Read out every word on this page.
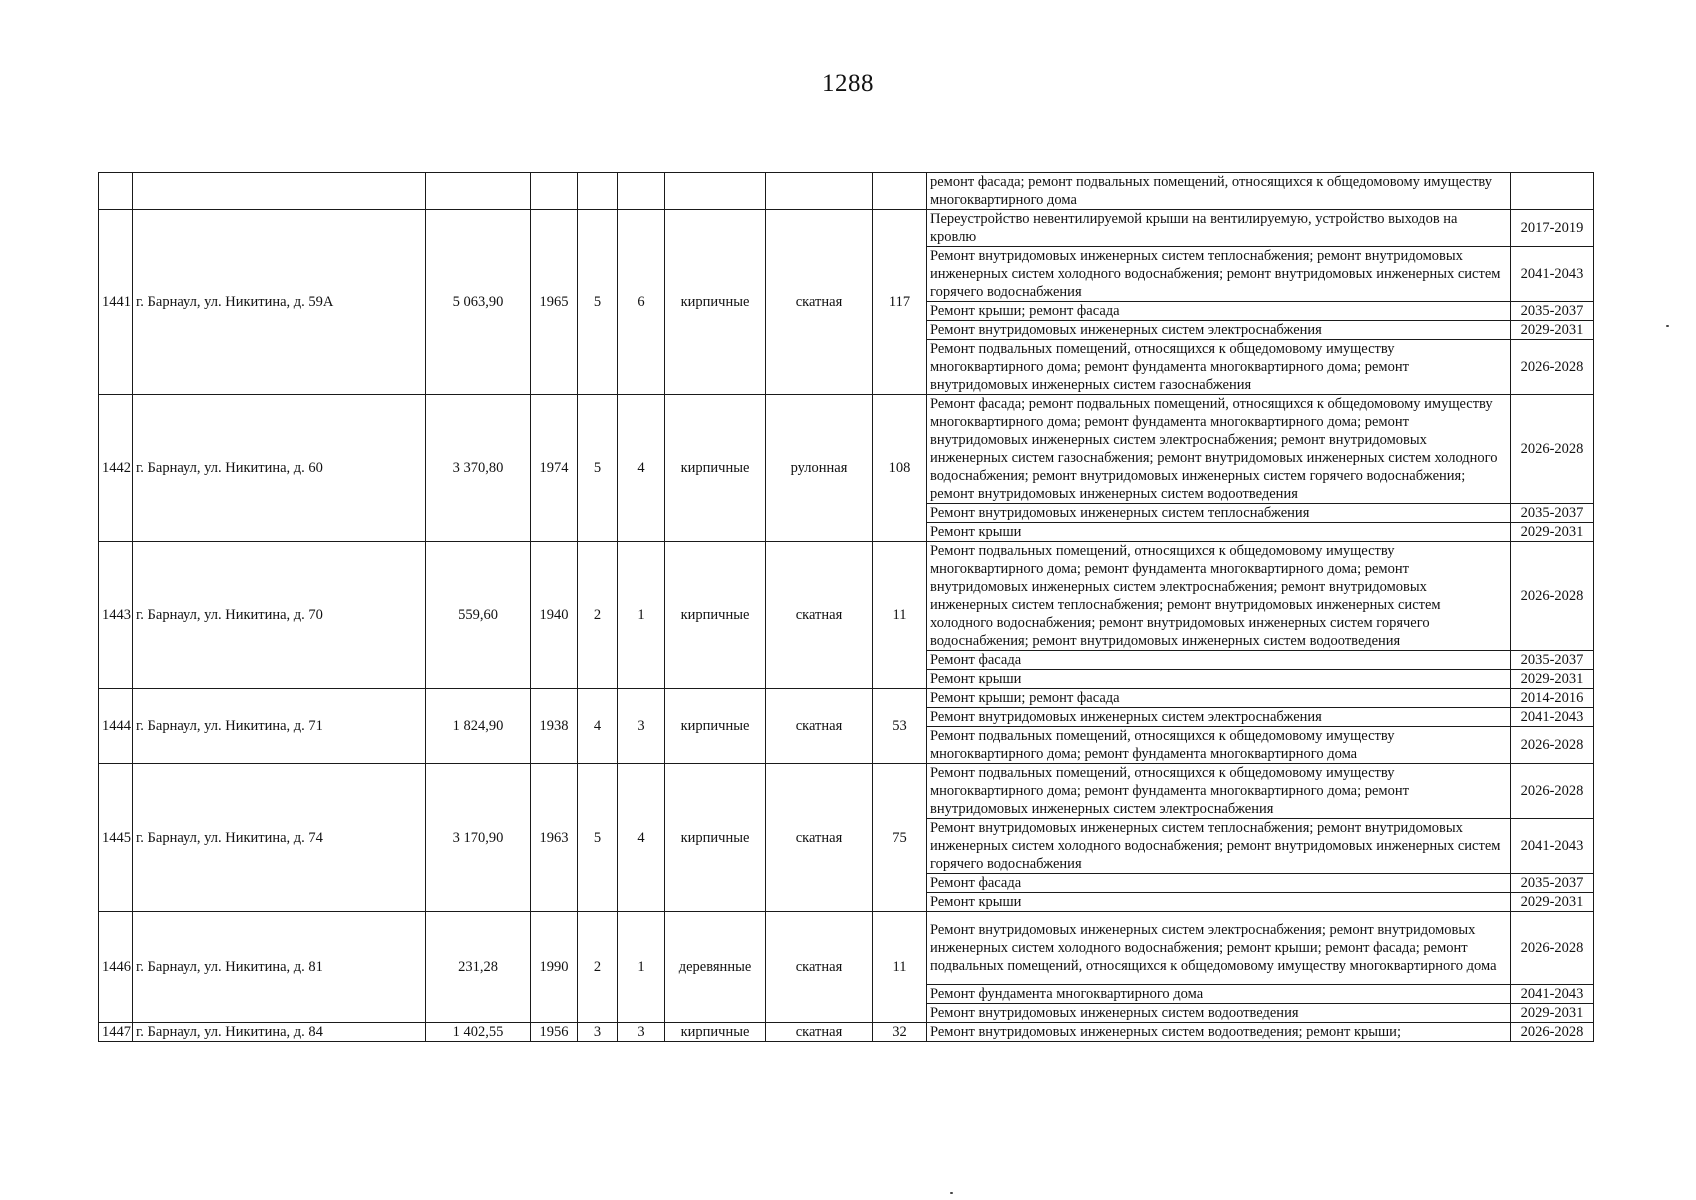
1288
									ремонт фасада; ремонт подвальных помещений, относящихся к общедомовому имуществу многоквартирного дома	
1441	г. Барнаул, ул. Никитина, д. 59А	5 063,90	1965	5	6	кирпичные	скатная	117	Переустройство невентилируемой крыши на вентилируемую, устройство выходов на кровлю	2017-2019
									Ремонт внутридомовых инженерных систем теплоснабжения; ремонт внутридомовых инженерных систем холодного водоснабжения; ремонт внутридомовых инженерных систем горячего водоснабжения	2041-2043
									Ремонт крыши; ремонт фасада	2035-2037
									Ремонт внутридомовых инженерных систем электроснабжения	2029-2031
									Ремонт подвальных помещений, относящихся к общедомовому имуществу многоквартирного дома; ремонт фундамента многоквартирного дома; ремонт внутридомовых инженерных систем газоснабжения	2026-2028
1442	г. Барнаул, ул. Никитина, д. 60	3 370,80	1974	5	4	кирпичные	рулонная	108	Ремонт фасада; ремонт подвальных помещений, относящихся к общедомовому имуществу многоквартирного дома; ремонт фундамента многоквартирного дома; ремонт внутридомовых инженерных систем электроснабжения; ремонт внутридомовых инженерных систем газоснабжения; ремонт внутридомовых инженерных систем холодного водоснабжения; ремонт внутридомовых инженерных систем горячего водоснабжения; ремонт внутридомовых инженерных систем водоотведения	2026-2028
									Ремонт внутридомовых инженерных систем теплоснабжения	2035-2037
									Ремонт крыши	2029-2031
1443	г. Барнаул, ул. Никитина, д. 70	559,60	1940	2	1	кирпичные	скатная	11	Ремонт подвальных помещений, относящихся к общедомовому имуществу многоквартирного дома; ремонт фундамента многоквартирного дома; ремонт внутридомовых инженерных систем электроснабжения; ремонт внутридомовых инженерных систем теплоснабжения; ремонт внутридомовых инженерных систем холодного водоснабжения; ремонт внутридомовых инженерных систем горячего водоснабжения; ремонт внутридомовых инженерных систем водоотведения	2026-2028
									Ремонт фасада	2035-2037
									Ремонт крыши	2029-2031
1444	г. Барнаул, ул. Никитина, д. 71	1 824,90	1938	4	3	кирпичные	скатная	53	Ремонт крыши; ремонт фасада	2014-2016
									Ремонт внутридомовых инженерных систем электроснабжения	2041-2043
									Ремонт подвальных помещений, относящихся к общедомовому имуществу многоквартирного дома; ремонт фундамента многоквартирного дома	2026-2028
1445	г. Барнаул, ул. Никитина, д. 74	3 170,90	1963	5	4	кирпичные	скатная	75	Ремонт подвальных помещений, относящихся к общедомовому имуществу многоквартирного дома; ремонт фундамента многоквартирного дома; ремонт внутридомовых инженерных систем электроснабжения	2026-2028
									Ремонт внутридомовых инженерных систем теплоснабжения; ремонт внутридомовых инженерных систем холодного водоснабжения; ремонт внутридомовых инженерных систем горячего водоснабжения	2041-2043
									Ремонт фасада	2035-2037
									Ремонт крыши	2029-2031
1446	г. Барнаул, ул. Никитина, д. 81	231,28	1990	2	1	деревянные	скатная	11	Ремонт внутридомовых инженерных систем электроснабжения; ремонт внутридомовых инженерных систем холодного водоснабжения; ремонт крыши; ремонт фасада; ремонт подвальных помещений, относящихся к общедомовому имуществу многоквартирного дома	2026-2028
									Ремонт фундамента многоквартирного дома	2041-2043
									Ремонт внутридомовых инженерных систем водоотведения	2029-2031
1447	г. Барнаул, ул. Никитина, д. 84	1 402,55	1956	3	3	кирпичные	скатная	32	Ремонт внутридомовых инженерных систем водоотведения; ремонт крыши;	2026-2028
